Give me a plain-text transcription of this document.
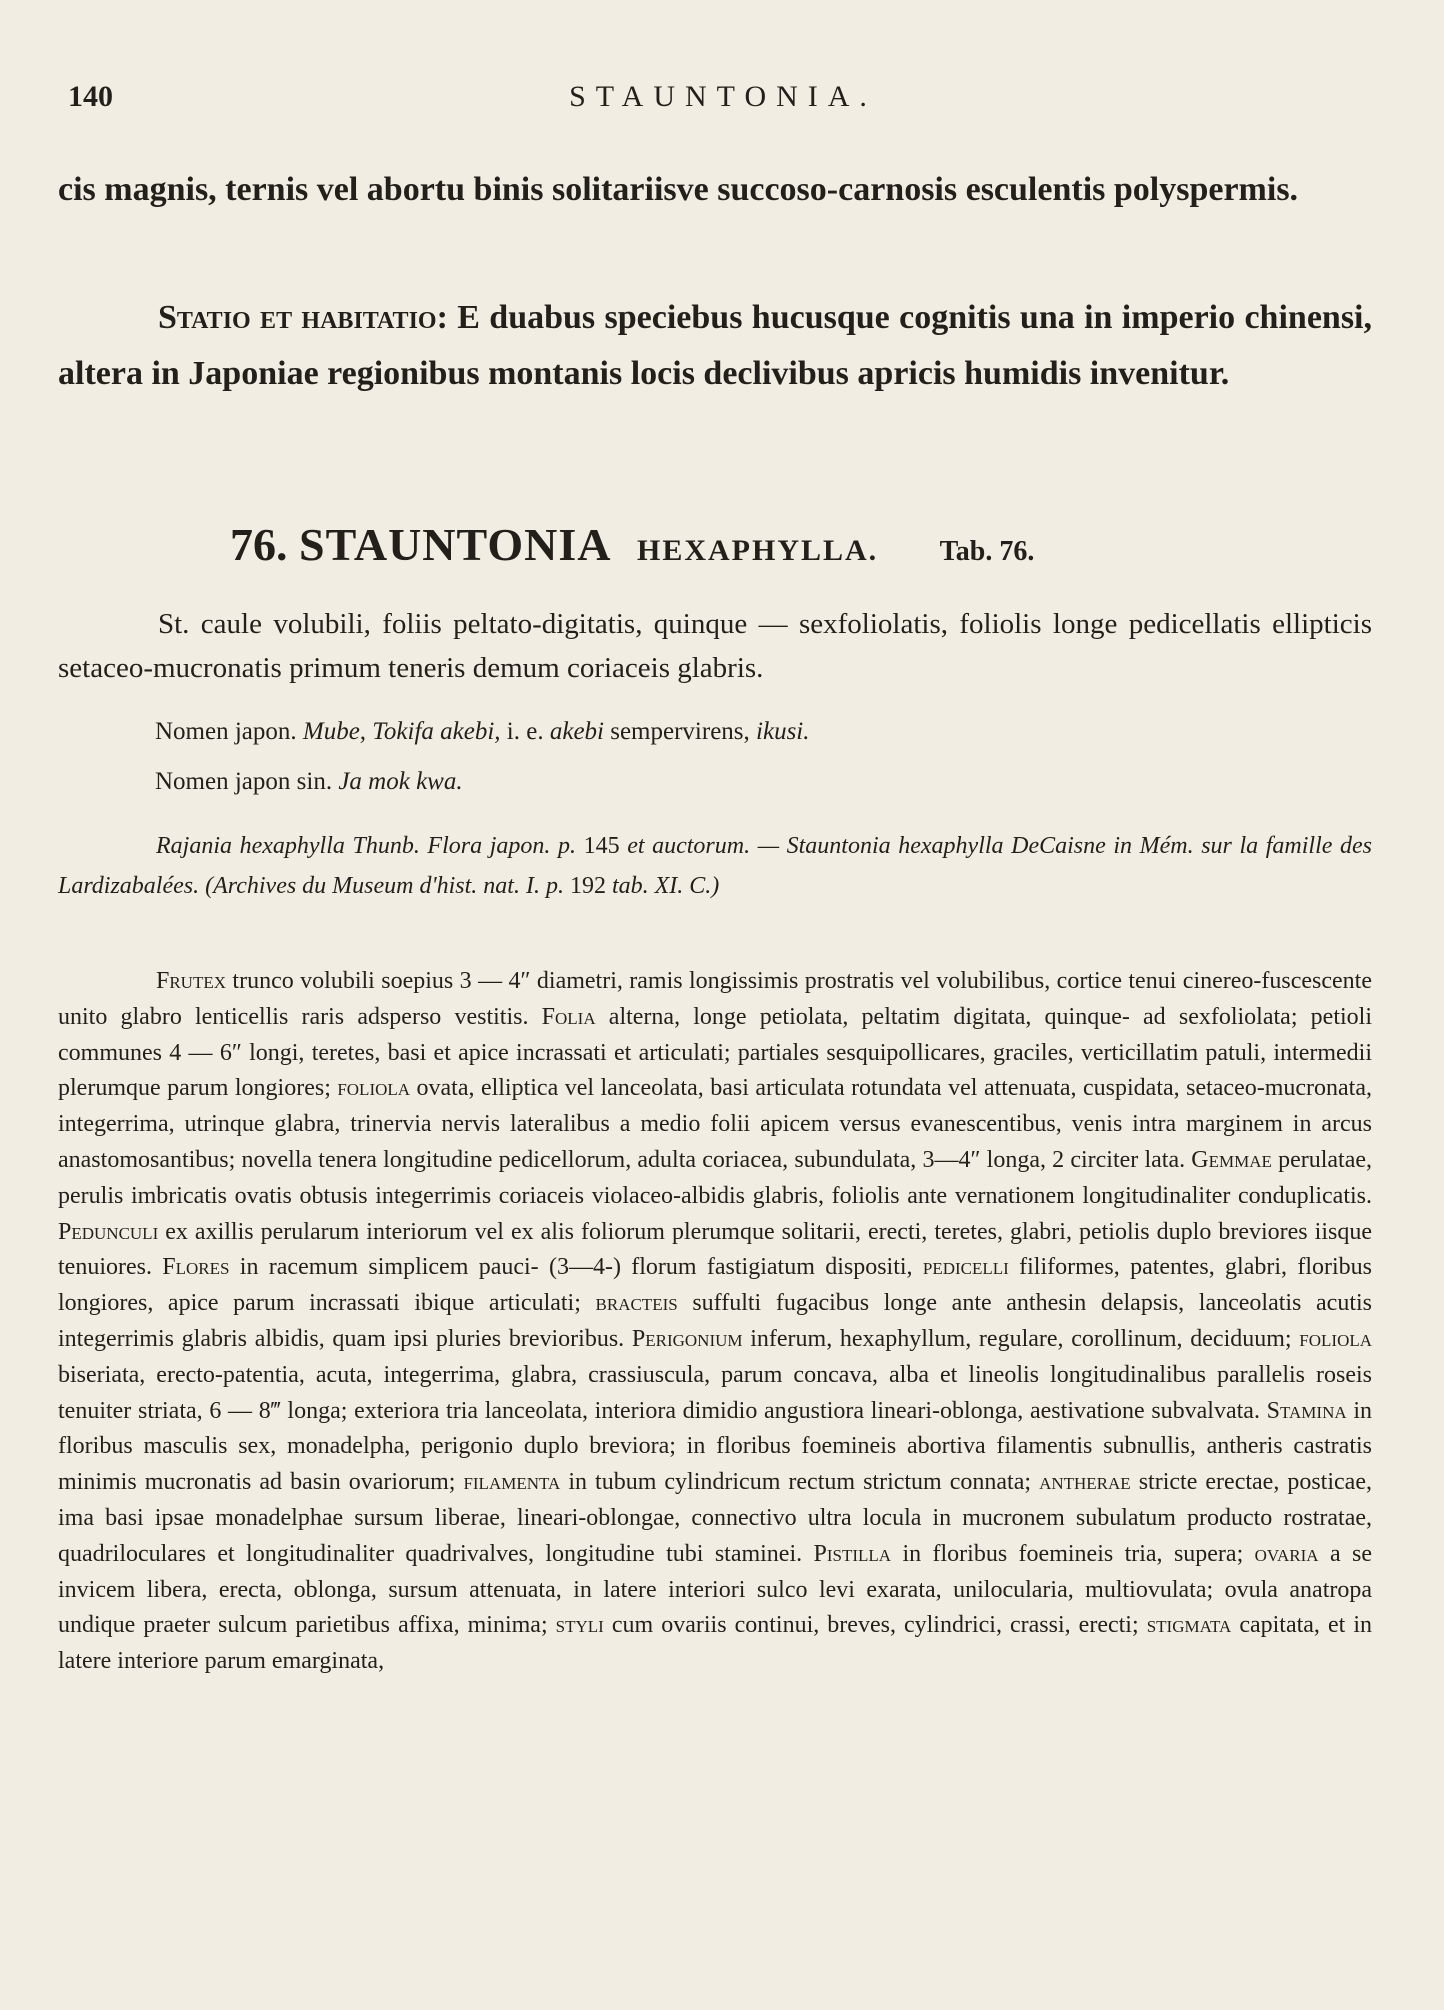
140	STAUNTONIA.

cis magnis, ternis vel abortu binis solitariisve succoso-carnosis esculentis polyspermis.

Statio et habitatio: E duabus speciebus hucusque cognitis una in imperio chinensi, altera in Japoniae regionibus montanis locis declivibus apricis humidis invenitur.

76. STAUNTONIA HEXAPHYLLA. Tab. 76.

St. caule volubili, foliis peltato-digitatis, quinque — sexfoliolatis, foliolis longe pedicellatis ellipticis setaceo-mucronatis primum teneris demum coriaceis glabris.

Nomen japon. Mube, Tokifa akebi, i. e. akebi sempervirens, ikusi.

Nomen japon sin. Ja mok kwa.

Rajania hexaphylla Thunb. Flora japon. p. 145 et auctorum. — Stauntonia hexaphylla DeCaisne in Mém. sur la famille des Lardizabalées. (Archives du Museum d'hist. nat. I. p. 192 tab. XI. C.)

Frutex trunco volubili soepius 3 — 4″ diametri, ramis longissimis prostratis vel volubilibus, cortice tenui cinereo-fuscescente unito glabro lenticellis raris adsperso vestitis. Folia alterna, longe petiolata, peltatim digitata, quinque- ad sexfoliolata; petioli communes 4 — 6″ longi, teretes, basi et apice incrassati et articulati; partiales sesquipollicares, graciles, verticillatim patuli, intermedii plerumque parum longiores; foliola ovata, elliptica vel lanceolata, basi articulata rotundata vel attenuata, cuspidata, setaceo-mucronata, integerrima, utrinque glabra, trinervia nervis lateralibus a medio folii apicem versus evanescentibus, venis intra marginem in arcus anastomosantibus; novella tenera longitudine pedicellorum, adulta coriacea, subundulata, 3—4″ longa, 2 circiter lata. Gemmae perulatae, perulis imbricatis ovatis obtusis integerrimis coriaceis violaceo-albidis glabris, foliolis ante vernationem longitudinaliter conduplicatis. Pedunculi ex axillis perularum interiorum vel ex alis foliorum plerumque solitarii, erecti, teretes, glabri, petiolis duplo breviores iisque tenuiores. Flores in racemum simplicem pauci- (3—4-) florum fastigiatum dispositi, pedicelli filiformes, patentes, glabri, floribus longiores, apice parum incrassati ibique articulati; bracteis suffulti fugacibus longe ante anthesin delapsis, lanceolatis acutis integerrimis glabris albidis, quam ipsi pluries brevioribus. Perigonium inferum, hexaphyllum, regulare, corollinum, deciduum; foliola biseriata, erecto-patentia, acuta, integerrima, glabra, crassiuscula, parum concava, alba et lineolis longitudinalibus parallelis roseis tenuiter striata, 6 — 8‴ longa; exteriora tria lanceolata, interiora dimidio angustiora lineari-oblonga, aestivatione subvalvata. Stamina in floribus masculis sex, monadelpha, perigonio duplo breviora; in floribus foemineis abortiva filamentis subnullis, antheris castratis minimis mucronatis ad basin ovariorum; filamenta in tubum cylindricum rectum strictum connata; antherae stricte erectae, posticae, ima basi ipsae monadelphae sursum liberae, lineari-oblongae, connectivo ultra locula in mucronem subulatum producto rostratae, quadriloculares et longitudinaliter quadrivalves, longitudine tubi staminei. Pistilla in floribus foemineis tria, supera; ovaria a se invicem libera, erecta, oblonga, sursum attenuata, in latere interiori sulco levi exarata, unilocularia, multiovulata; ovula anatropa undique praeter sulcum parietibus affixa, minima; styli cum ovariis continui, breves, cylindrici, crassi, erecti; stigmata capitata, et in latere interiore parum emarginata,
